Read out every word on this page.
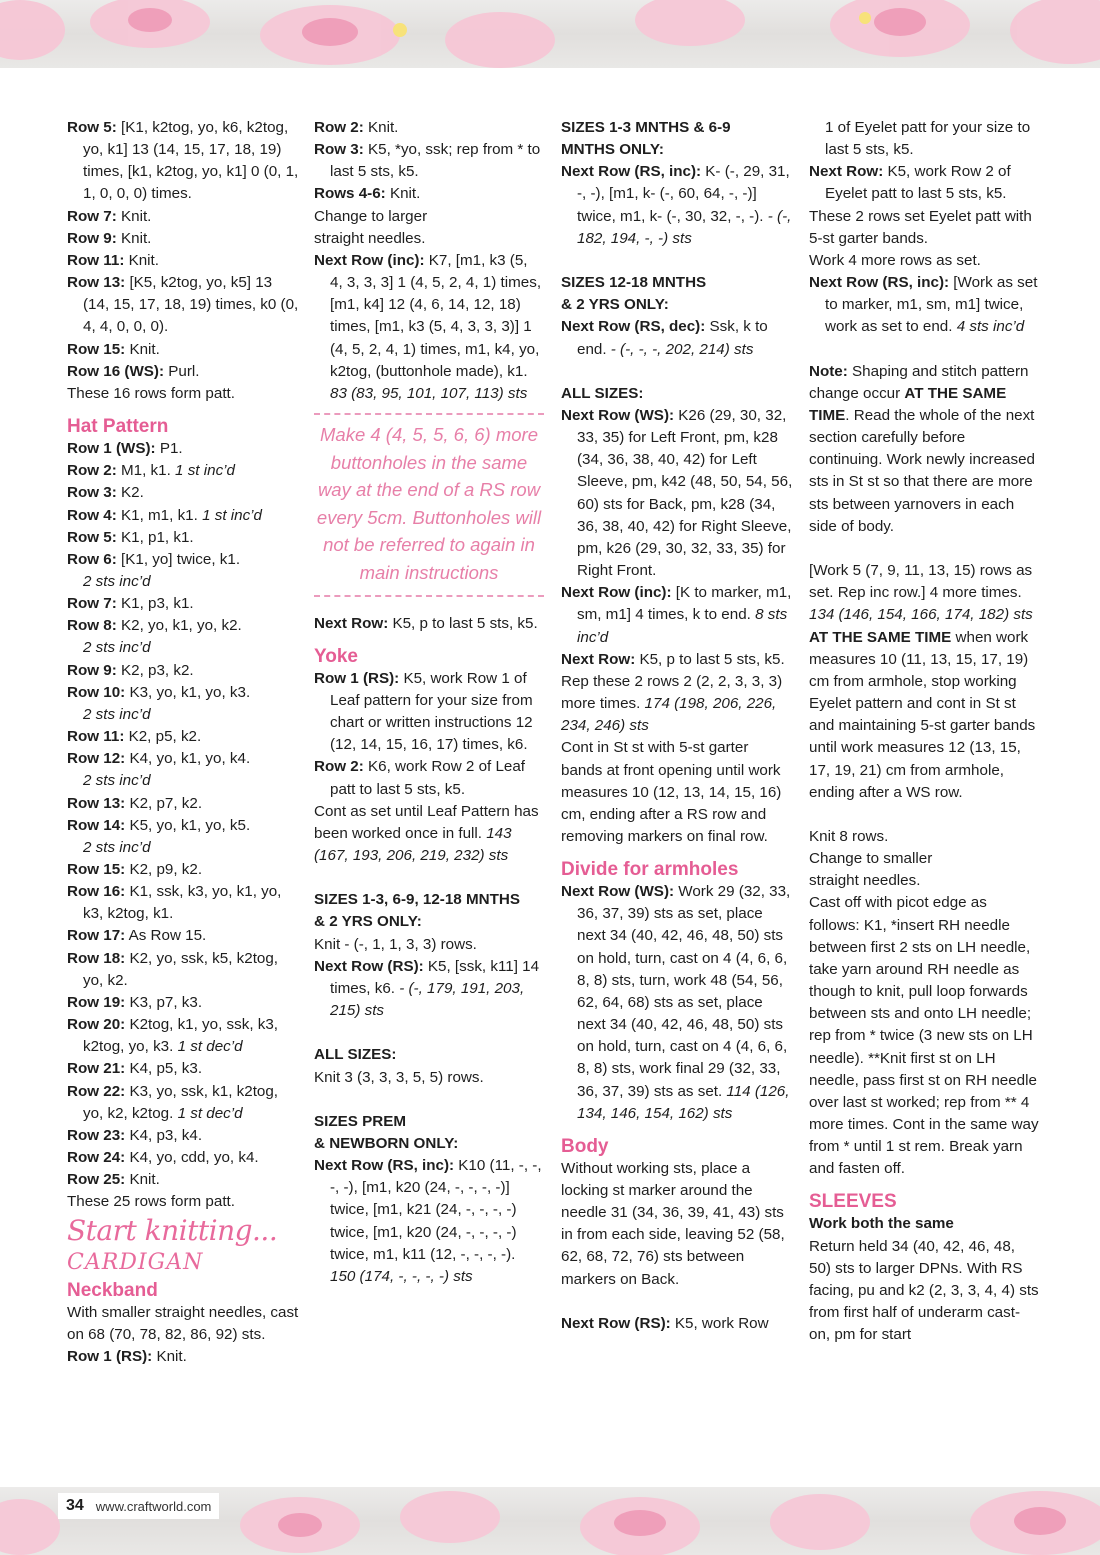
Row 5: [K1, k2tog, yo, k6, k2tog, yo, k1] 13 (14, 15, 17, 18, 19) times, [k1, k2tog, yo, k1] 0 (0, 1, 1, 0, 0, 0) times.

Row 7: Knit.

Row 9: Knit.

Row 11: Knit.

Row 13: [K5, k2tog, yo, k5] 13 (14, 15, 17, 18, 19) times, k0 (0, 4, 4, 0, 0, 0).

Row 15: Knit.

Row 16 (WS): Purl.

These 16 rows form patt.

Hat Pattern

Row 1 (WS): P1.

Row 2: M1, k1. 1 st inc’d

Row 3: K2.

Row 4: K1, m1, k1. 1 st inc’d

Row 5: K1, p1, k1.

Row 6: [K1, yo] twice, k1.

2 sts inc’d

Row 7: K1, p3, k1.

Row 8: K2, yo, k1, yo, k2.

2 sts inc’d

Row 9: K2, p3, k2.

Row 10: K3, yo, k1, yo, k3.

2 sts inc’d

Row 11: K2, p5, k2.

Row 12: K4, yo, k1, yo, k4.

2 sts inc’d

Row 13: K2, p7, k2.

Row 14: K5, yo, k1, yo, k5.

2 sts inc’d

Row 15: K2, p9, k2.

Row 16: K1, ssk, k3, yo, k1, yo, k3, k2tog, k1.

Row 17: As Row 15.

Row 18: K2, yo, ssk, k5, k2tog, yo, k2.

Row 19: K3, p7, k3.

Row 20: K2tog, k1, yo, ssk, k3, k2tog, yo, k3. 1 st dec’d

Row 21: K4, p5, k3.

Row 22: K3, yo, ssk, k1, k2tog, yo, k2, k2tog. 1 st dec’d

Row 23: K4, p3, k4.

Row 24: K4, yo, cdd, yo, k4.

Row 25: Knit.

These 25 rows form patt.

Start knitting...

CARDIGAN

Neckband

With smaller straight needles, cast on 68 (70, 78, 82, 86, 92) sts.

Row 1 (RS): Knit.

Row 2: Knit.

Row 3: K5, *yo, ssk; rep from * to last 5 sts, k5.

Rows 4-6: Knit.

Change to larger

straight needles.

Next Row (inc): K7, [m1, k3 (5, 4, 3, 3, 3] 1 (4, 5, 2, 4, 1) times, [m1, k4] 12 (4, 6, 14, 12, 18) times, [m1, k3 (5, 4, 3, 3, 3)] 1 (4, 5, 2, 4, 1) times, m1, k4, yo, k2tog, (buttonhole made), k1. 83 (83, 95, 101, 107, 113) sts

Make 4 (4, 5, 5, 6, 6) more buttonholes in the same way at the end of a RS row every 5cm. Buttonholes will not be referred to again in main instructions

Next Row: K5, p to last 5 sts, k5.

Yoke

Row 1 (RS): K5, work Row 1 of Leaf pattern for your size from chart or written instructions 12 (12, 14, 15, 16, 17) times, k6.

Row 2: K6, work Row 2 of Leaf patt to last 5 sts, k5.

Cont as set until Leaf Pattern has been worked once in full. 143 (167, 193, 206, 219, 232) sts

SIZES 1-3, 6-9, 12-18 MNTHS

& 2 YRS ONLY:

Knit - (-, 1, 1, 3, 3) rows.

Next Row (RS): K5, [ssk, k11] 14 times, k6. - (-, 179, 191, 203, 215) sts

ALL SIZES:

Knit 3 (3, 3, 3, 5, 5) rows.

SIZES PREM

& NEWBORN ONLY:

Next Row (RS, inc): K10 (11, -, -, -, -), [m1, k20 (24, -, -, -, -)] twice, [m1, k21 (24, -, -, -, -) twice, [m1, k20 (24, -, -, -, -) twice, m1, k11 (12, -, -, -, -). 150 (174, -, -, -, -) sts

SIZES 1-3 MNTHS & 6-9

MNTHS ONLY:

Next Row (RS, inc): K- (-, 29, 31, -, -), [m1, k- (-, 60, 64, -, -)] twice, m1, k- (-, 30, 32, -, -). - (-, 182, 194, -, -) sts

SIZES 12-18 MNTHS

& 2 YRS ONLY:

Next Row (RS, dec): Ssk, k to end. - (-, -, -, 202, 214) sts

ALL SIZES:

Next Row (WS): K26 (29, 30, 32, 33, 35) for Left Front, pm, k28 (34, 36, 38, 40, 42) for Left Sleeve, pm, k42 (48, 50, 54, 56, 60) sts for Back, pm, k28 (34, 36, 38, 40, 42) for Right Sleeve, pm, k26 (29, 30, 32, 33, 35) for Right Front.

Next Row (inc): [K to marker, m1, sm, m1] 4 times, k to end. 8 sts inc’d

Next Row: K5, p to last 5 sts, k5.

Rep these 2 rows 2 (2, 2, 3, 3, 3) more times. 174 (198, 206, 226, 234, 246) sts

Cont in St st with 5-st garter bands at front opening until work measures 10 (12, 13, 14, 15, 16) cm, ending after a RS row and removing markers on final row.

Divide for armholes

Next Row (WS): Work 29 (32, 33, 36, 37, 39) sts as set, place next 34 (40, 42, 46, 48, 50) sts on hold, turn, cast on 4 (4, 6, 6, 8, 8) sts, turn, work 48 (54, 56, 62, 64, 68) sts as set, place next 34 (40, 42, 46, 48, 50) sts on hold, turn, cast on 4 (4, 6, 6, 8, 8) sts, work final 29 (32, 33, 36, 37, 39) sts as set. 114 (126, 134, 146, 154, 162) sts

Body

Without working sts, place a locking st marker around the needle 31 (34, 36, 39, 41, 43) sts in from each side, leaving 52 (58, 62, 68, 72, 76) sts between markers on Back.

Next Row (RS): K5, work Row

1 of Eyelet patt for your size to last 5 sts, k5.

Next Row: K5, work Row 2 of Eyelet patt to last 5 sts, k5.

These 2 rows set Eyelet patt with 5-st garter bands.

Work 4 more rows as set.

Next Row (RS, inc): [Work as set to marker, m1, sm, m1] twice, work as set to end. 4 sts inc’d

Note: Shaping and stitch pattern change occur AT THE SAME TIME. Read the whole of the next section carefully before continuing. Work newly increased sts in St st so that there are more sts between yarnovers in each side of body.

[Work 5 (7, 9, 11, 13, 15) rows as set. Rep inc row.] 4 more times. 134 (146, 154, 166, 174, 182) sts

AT THE SAME TIME when work measures 10 (11, 13, 15, 17, 19) cm from armhole, stop working Eyelet pattern and cont in St st and maintaining 5-st garter bands until work measures 12 (13, 15, 17, 19, 21) cm from armhole, ending after a WS row.

Knit 8 rows.

Change to smaller

straight needles.

Cast off with picot edge as follows: K1, *insert RH needle between first 2 sts on LH needle, take yarn around RH needle as though to knit, pull loop forwards between sts and onto LH needle; rep from * twice (3 new sts on LH needle). **Knit first st on LH needle, pass first st on RH needle over last st worked; rep from ** 4 more times. Cont in the same way from * until 1 st rem. Break yarn and fasten off.

SLEEVES

Work both the same

Return held 34 (40, 42, 46, 48, 50) sts to larger DPNs. With RS facing, pu and k2 (2, 3, 3, 4, 4) sts from first half of underarm cast-on, pm for start

34 www.craftworld.com
